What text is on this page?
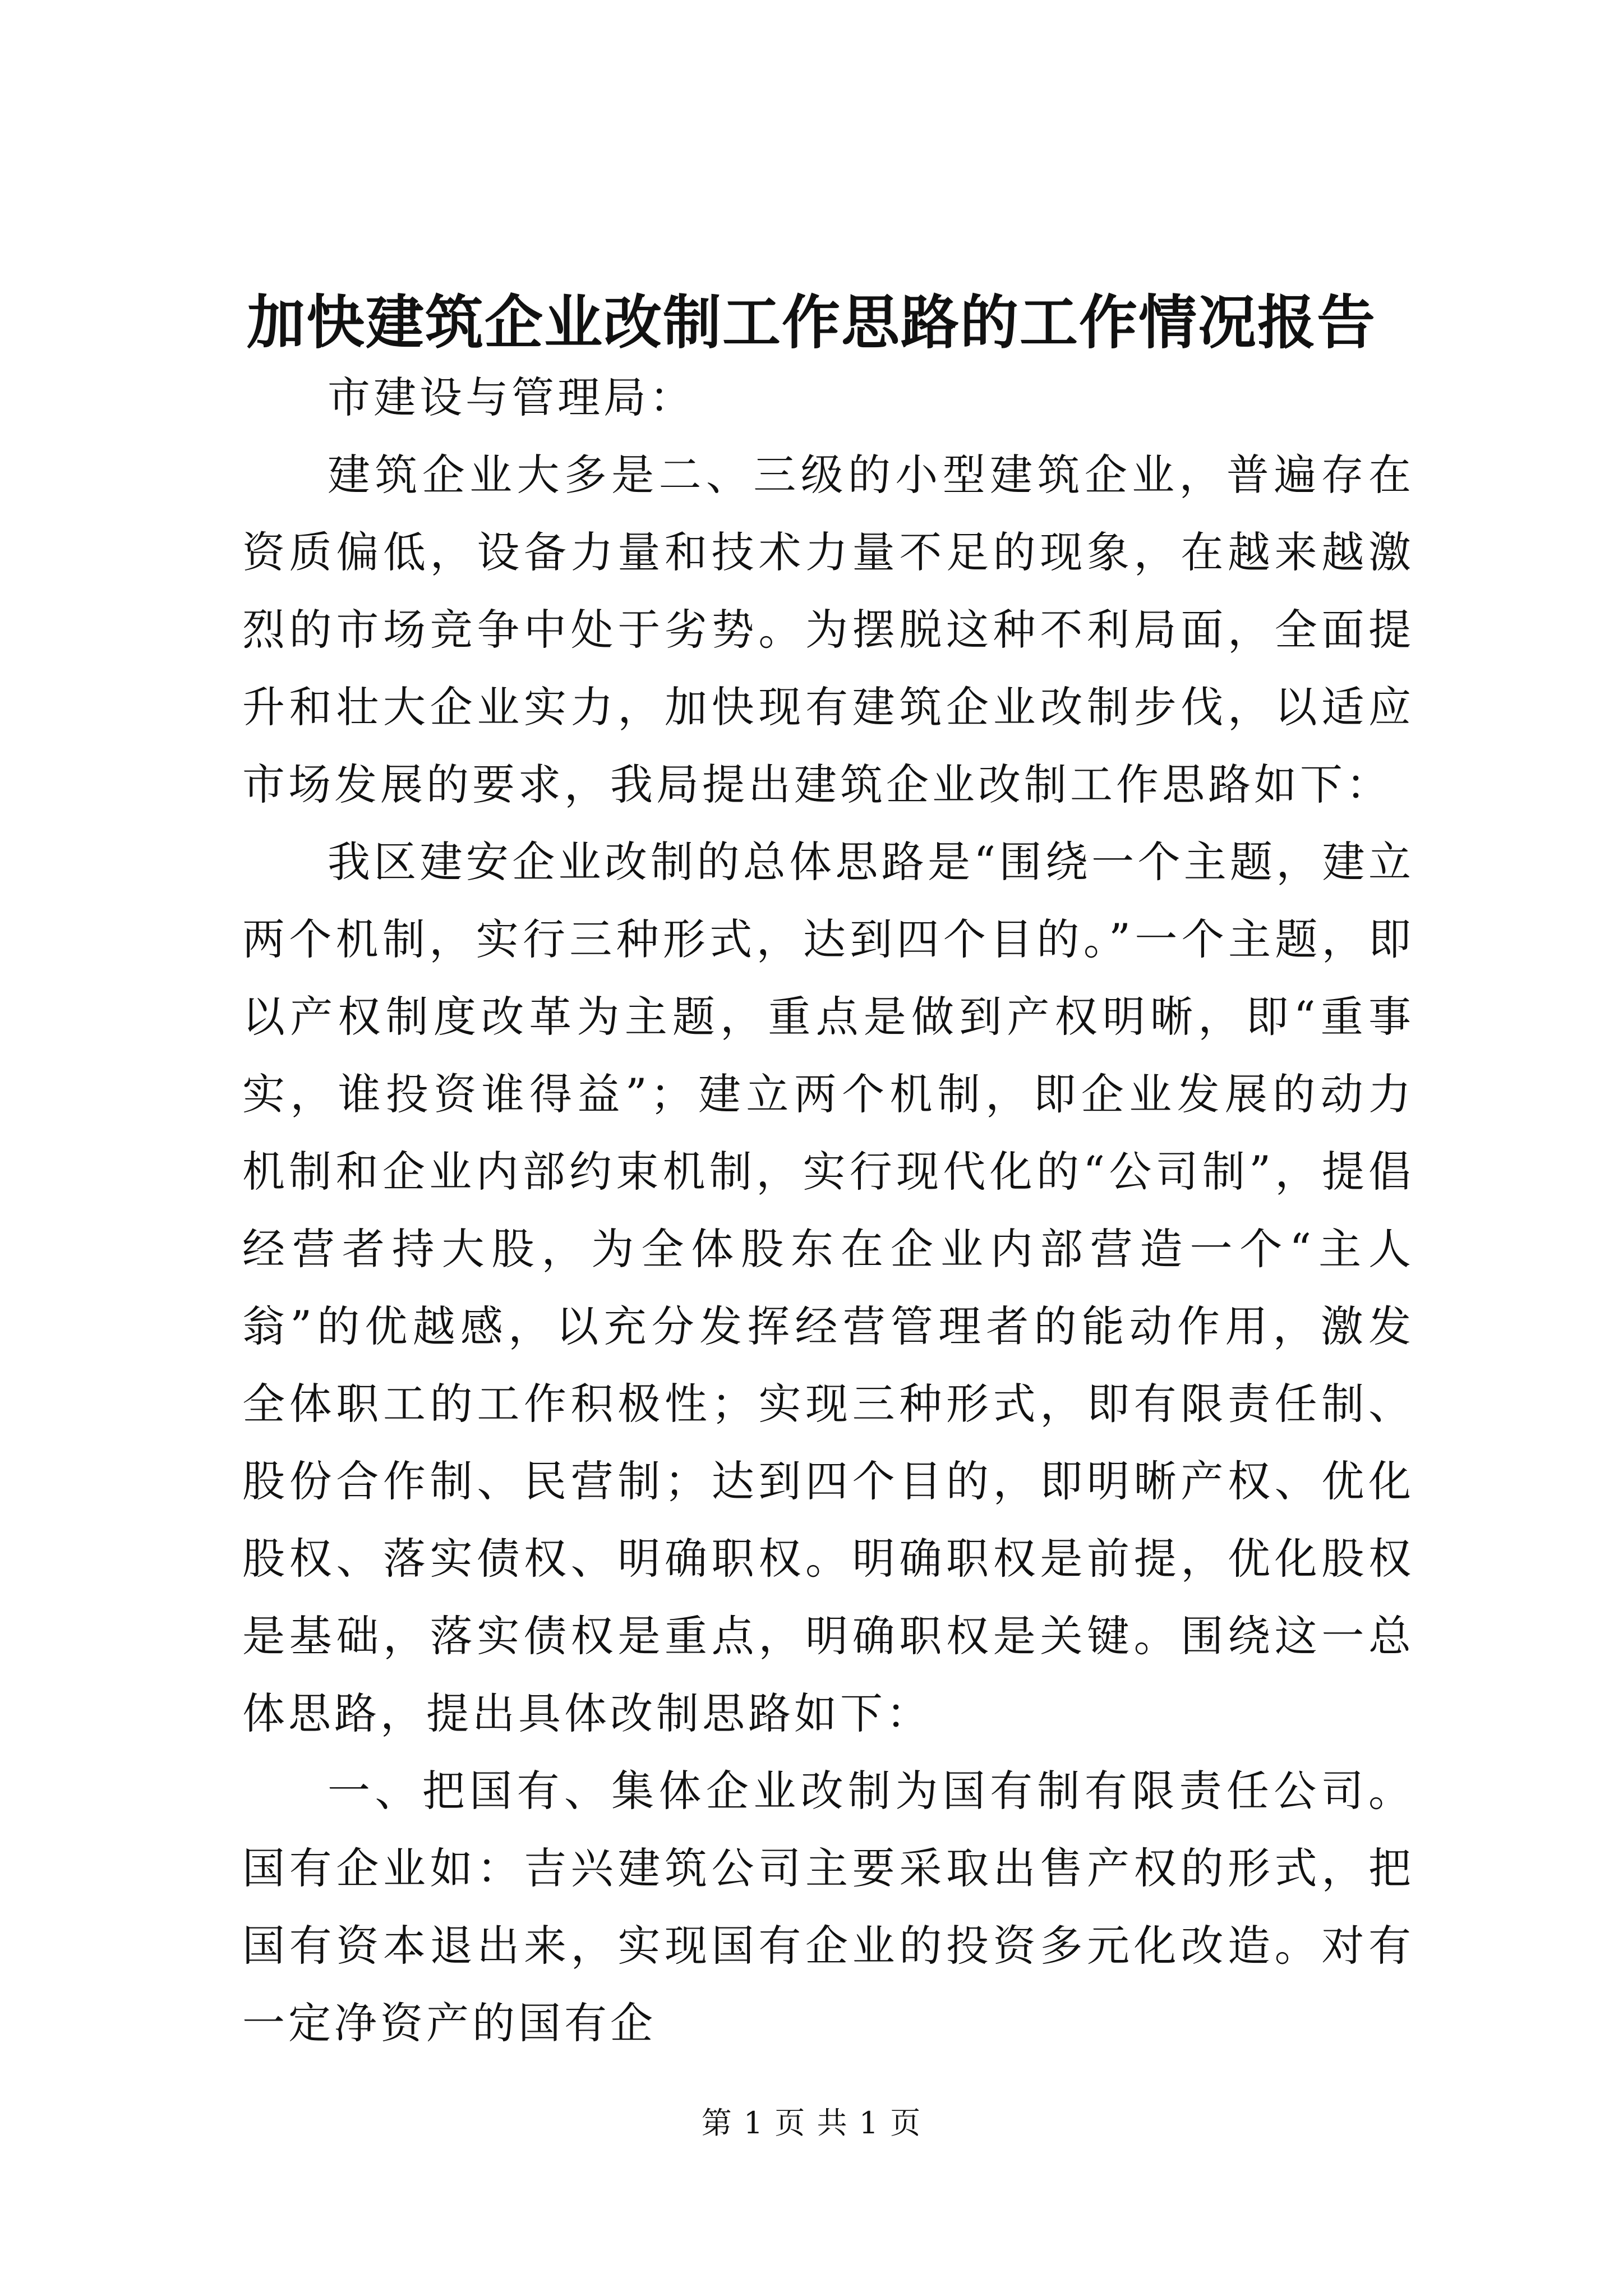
加快建筑企业改制工作思路的工作情况报告

市建设与管理局：

建筑企业大多是二、三级的小型建筑企业，普遍存在资质偏低，设备力量和技术力量不足的现象，在越来越激烈的市场竞争中处于劣势。为摆脱这种不利局面，全面提升和壮大企业实力，加快现有建筑企业改制步伐，以适应市场发展的要求，我局提出建筑企业改制工作思路如下：

我区建安企业改制的总体思路是“围绕一个主题，建立两个机制，实行三种形式，达到四个目的。”一个主题，即以产权制度改革为主题，重点是做到产权明晰，即“重事实，谁投资谁得益”；建立两个机制，即企业发展的动力机制和企业内部约束机制，实行现代化的“公司制”，提倡经营者持大股，为全体股东在企业内部营造一个“主人翁”的优越感，以充分发挥经营管理者的能动作用，激发全体职工的工作积极性；实现三种形式，即有限责任制、股份合作制、民营制；达到四个目的，即明晰产权、优化股权、落实债权、明确职权。明确职权是前提，优化股权是基础，落实债权是重点，明确职权是关键。围绕这一总体思路，提出具体改制思路如下：

一、把国有、集体企业改制为国有制有限责任公司。国有企业如：吉兴建筑公司主要采取出售产权的形式，把国有资本退出来，实现国有企业的投资多元化改造。对有一定净资产的国有企

第 1 页 共 1 页
